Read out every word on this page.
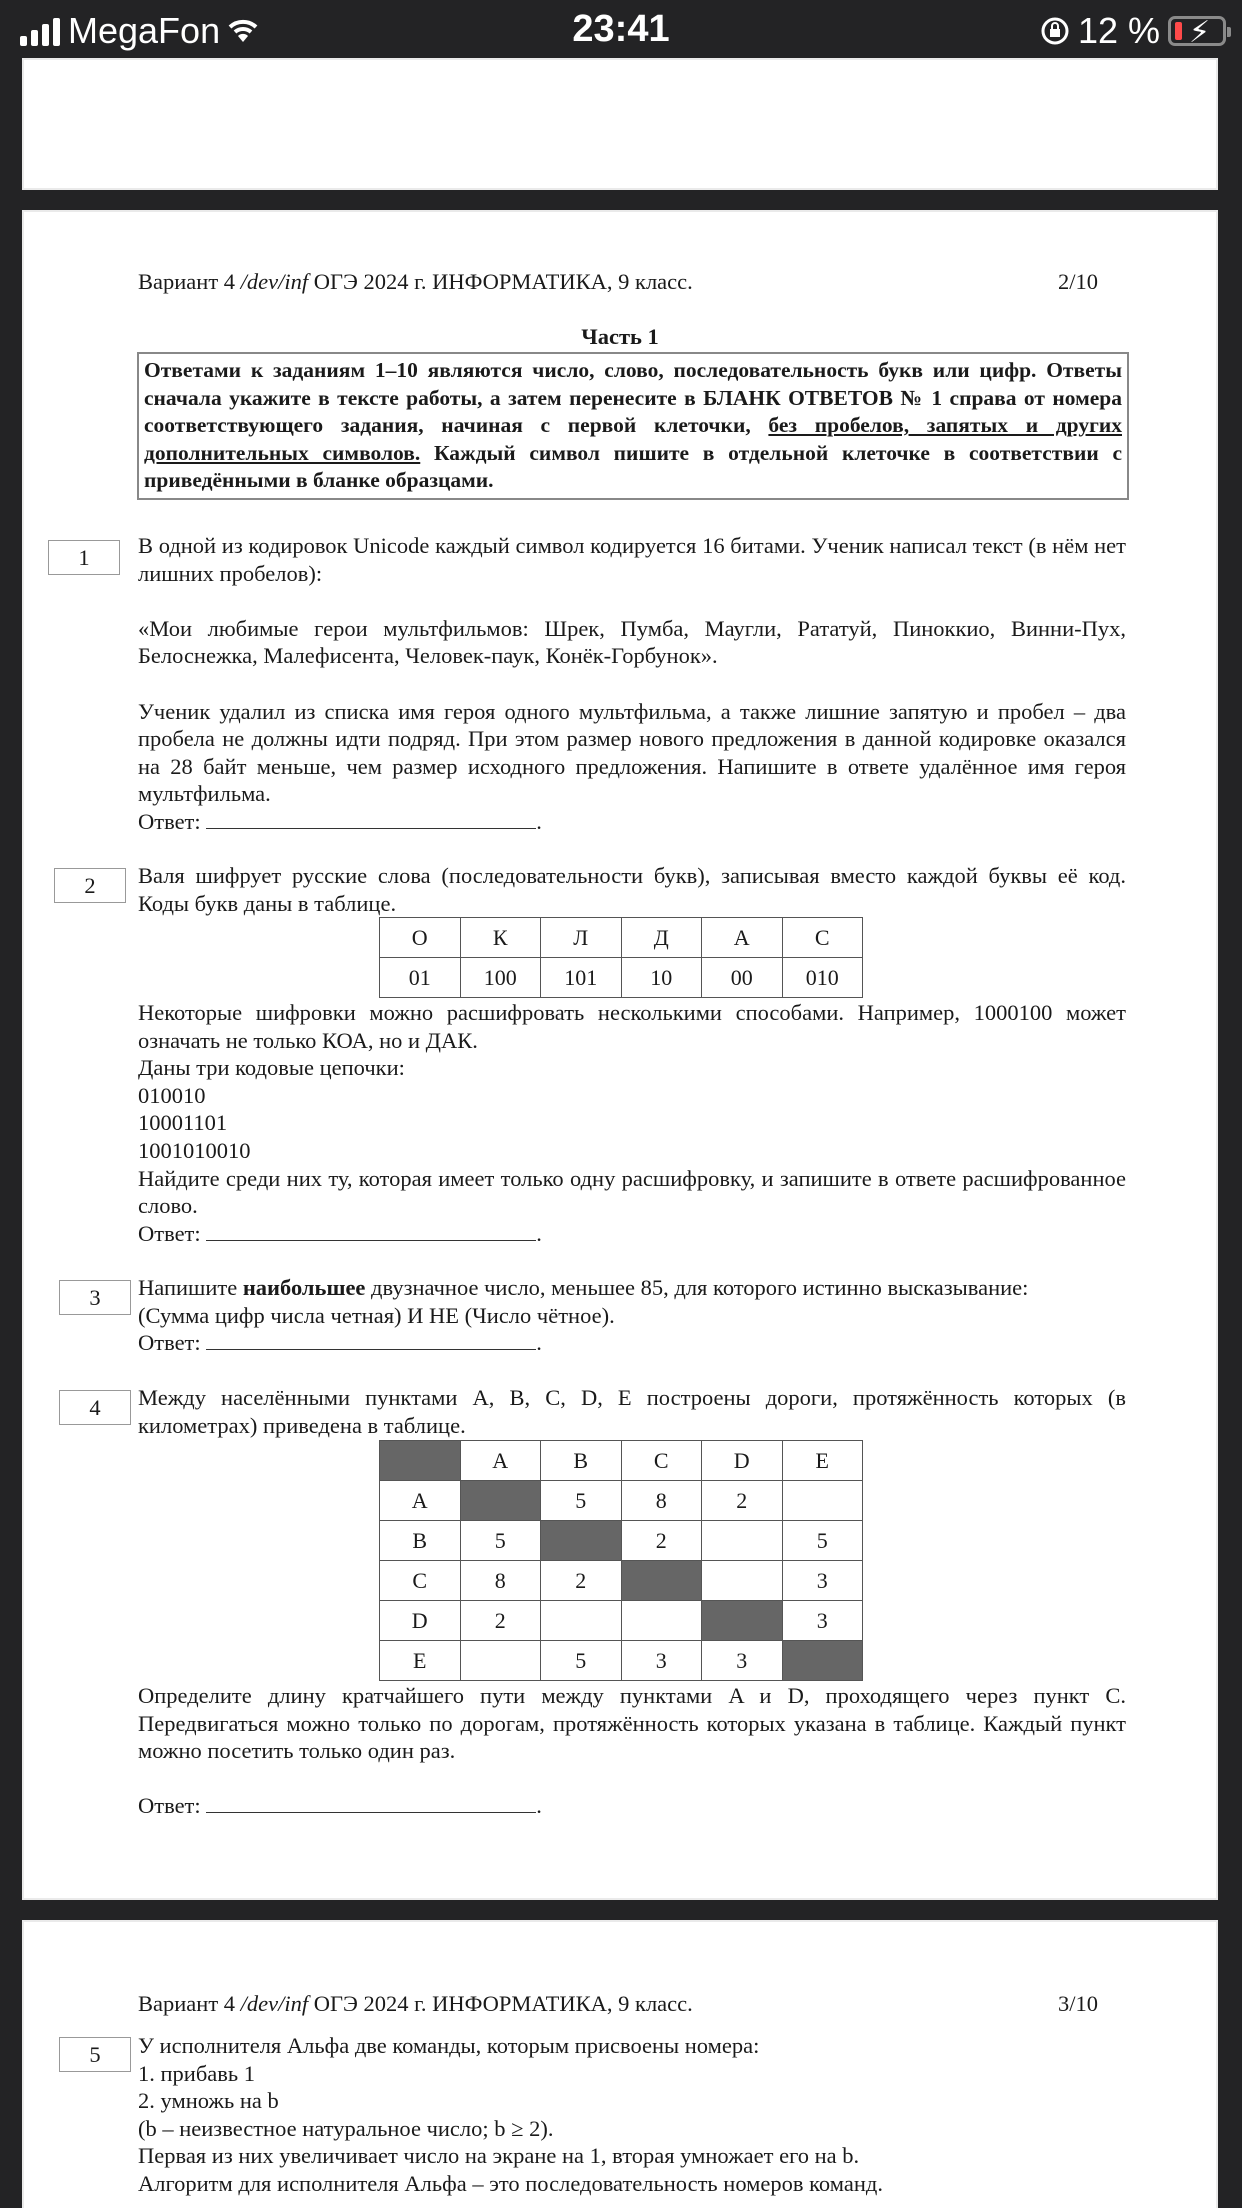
MegaFon	23:41	12 % ⚡
Вариант 4 /dev/inf ОГЭ 2024 г. ИНФОРМАТИКА, 9 класс.	2/10
Часть 1
Ответами к заданиям 1–10 являются число, слово, последовательность букв или цифр. Ответы сначала укажите в тексте работы, а затем перенесите в БЛАНК ОТВЕТОВ № 1 справа от номера соответствующего задания, начиная с первой клеточки, без пробелов, запятых и других дополнительных символов. Каждый символ пишите в отдельной клеточке в соответствии с приведёнными в бланке образцами.
1	В одной из кодировок Unicode каждый символ кодируется 16 битами. Ученик написал текст (в нём нет лишних пробелов):

«Мои любимые герои мультфильмов: Шрек, Пумба, Маугли, Рататуй, Пиноккио, Винни-Пух, Белоснежка, Малефисента, Человек-паук, Конёк-Горбунок».

Ученик удалил из списка имя героя одного мультфильма, а также лишние запятую и пробел – два пробела не должны идти подряд. При этом размер нового предложения в данной кодировке оказался на 28 байт меньше, чем размер исходного предложения. Напишите в ответе удалённое имя героя мультфильма.

Ответ:	.

2	Валя шифрует русские слова (последовательности букв), записывая вместо каждой буквы её код. Коды букв даны в таблице.

О	К	Л	Д	А	С
01	100	101	10	00	010

Некоторые шифровки можно расшифровать несколькими способами. Например, 1000100 может означать не только КОА, но и ДАК.

Даны три кодовые цепочки:

010010

10001101

1001010010

Найдите среди них ту, которая имеет только одну расшифровку, и запишите в ответе расшифрованное слово.

Ответ:	.

3	Напишите наибольшее двузначное число, меньшее 85, для которого истинно высказывание:

(Сумма цифр числа четная) И НЕ (Число чётное).

Ответ:	.

4	Между населёнными пунктами A, B, C, D, E построены дороги, протяжённость которых (в километрах) приведена в таблице.

	A	B	C	D	E
A		5	8	2	
B	5		2		5
C	8	2			3
D	2				3
E		5	3	3	

Определите длину кратчайшего пути между пунктами A и D, проходящего через пункт C. Передвигаться можно только по дорогам, протяжённость которых указана в таблице. Каждый пункт можно посетить только один раз.

Ответ:	.

Вариант 4 /dev/inf ОГЭ 2024 г. ИНФОРМАТИКА, 9 класс.	3/10
5	У исполнителя Альфа две команды, которым присвоены номера:

1. прибавь 1

2. умножь на b

(b – неизвестное натуральное число; b ≥ 2).

Первая из них увеличивает число на экране на 1, вторая умножает его на b.

Алгоритм для исполнителя Альфа – это последовательность номеров команд.
